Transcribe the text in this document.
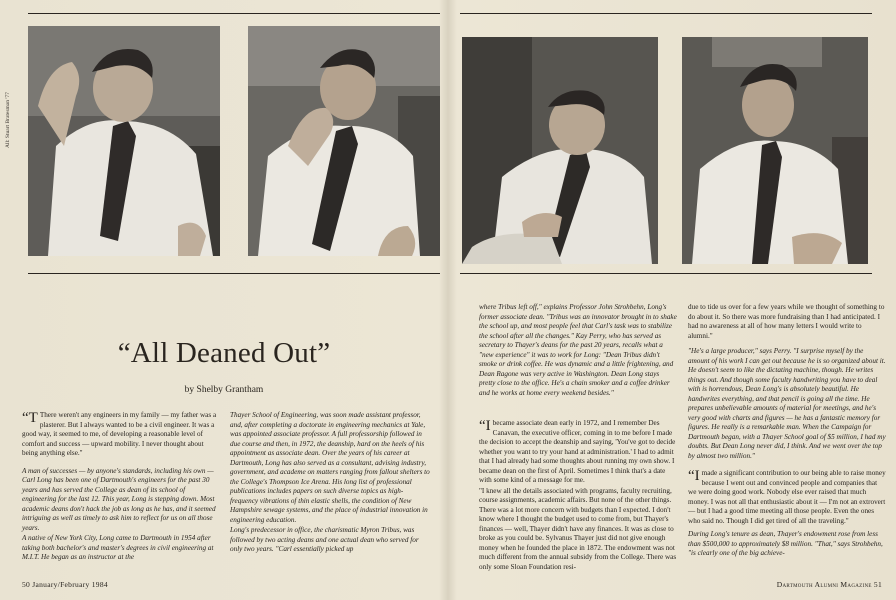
All: Stuart Bratesman '77
“All Deaned Out”
by Shelby Grantham

“T There weren't any engineers in my family — my father was a plasterer. But I always wanted to be a civil engineer. It was a good way, it seemed to me, of developing a reasonable level of comfort and success — upward mobility. I never thought about being anything else."

A man of successes — by anyone's standards, including his own — Carl Long has been one of Dartmouth's engineers for the past 30 years and has served the College as dean of its school of engineering for the last 12. This year, Long is stepping down. Most academic deans don't hack the job as long as he has, and it seemed intriguing as well as timely to ask him to reflect for us on all those years.

A native of New York City, Long came to Dartmouth in 1954 after taking both bachelor's and master's degrees in civil engineering at M.I.T. He began as an instructor at the

Thayer School of Engineering, was soon made assistant professor, and, after completing a doctorate in engineering mechanics at Yale, was appointed associate professor. A full professorship followed in due course and then, in 1972, the deanship, hard on the heels of his appointment as associate dean. Over the years of his career at Dartmouth, Long has also served as a consultant, advising industry, government, and academe on matters ranging from fallout shelters to the College's Thompson Ice Arena. His long list of professional publications includes papers on such diverse topics as high-frequency vibrations of thin elastic shells, the condition of New Hampshire sewage systems, and the place of industrial innovation in engineering education.

Long's predecessor in office, the charismatic Myron Tribus, was followed by two acting deans and one actual dean who served for only two years. "Carl essentially picked up

50 January/February 1984

where Tribus left off," explains Professor John Strohbehn, Long's former associate dean. "Tribus was an innovator brought in to shake the school up, and most people feel that Carl's task was to stabilize the school after all the changes." Kay Perry, who has served as secretary to Thayer's deans for the past 20 years, recalls what a "new experience" it was to work for Long: "Dean Tribus didn't smoke or drink coffee. He was dynamic and a little frightening, and Dean Ragone was very active in Washington. Dean Long stays pretty close to the office. He's a chain smoker and a coffee drinker and he works at home every weekend besides."

“Ibecame associate dean early in 1972, and I remember Des Canavan, the executive officer, coming in to me before I made the decision to accept the deanship and saying, 'You've got to decide whether you want to try your hand at administration.' I had to admit that I had already had some thoughts about running my own show. I became dean on the first of April. Sometimes I think that's a date with some kind of a message for me.

"I knew all the details associated with programs, faculty recruiting, course assignments, academic affairs. But none of the other things. There was a lot more concern with budgets than I expected. I don't know where I thought the budget used to come from, but Thayer's finances — well, Thayer didn't have any finances. It was as close to broke as you could be. Sylvanus Thayer just did not give enough money when he founded the place in 1872. The endowment was not much different from the annual subsidy from the College. There was only some Sloan Foundation resi-

due to tide us over for a few years while we thought of something to do about it. So there was more fundraising than I had anticipated. I had no awareness at all of how many letters I would write to alumni."

"He's a large producer," says Perry. "I surprise myself by the amount of his work I can get out because he is so organized about it. He doesn't seem to like the dictating machine, though. He writes things out. And though some faculty handwriting you have to deal with is horrendous, Dean Long's is absolutely beautiful. He handwrites everything, and that pencil is going all the time. He prepares unbelievable amounts of material for meetings, and he's very good with charts and figures — he has a fantastic memory for figures. He really is a remarkable man. When the Campaign for Dartmouth began, with a Thayer School goal of $5 million, I had my doubts. But Dean Long never did, I think. And we went over the top by almost two million."

“Imade a significant contribution to our being able to raise money because I went out and convinced people and companies that we were doing good work. Nobody else ever raised that much money. I was not all that enthusiastic about it — I'm not an extrovert — but I had a good time meeting all those people. Even the ones who said no. Though I did get tired of all the traveling."

During Long's tenure as dean, Thayer's endowment rose from less than $500,000 to approximately $8 million. "That," says Strohbehn, "is clearly one of the big achieve-

Dartmouth Alumni Magazine 51
